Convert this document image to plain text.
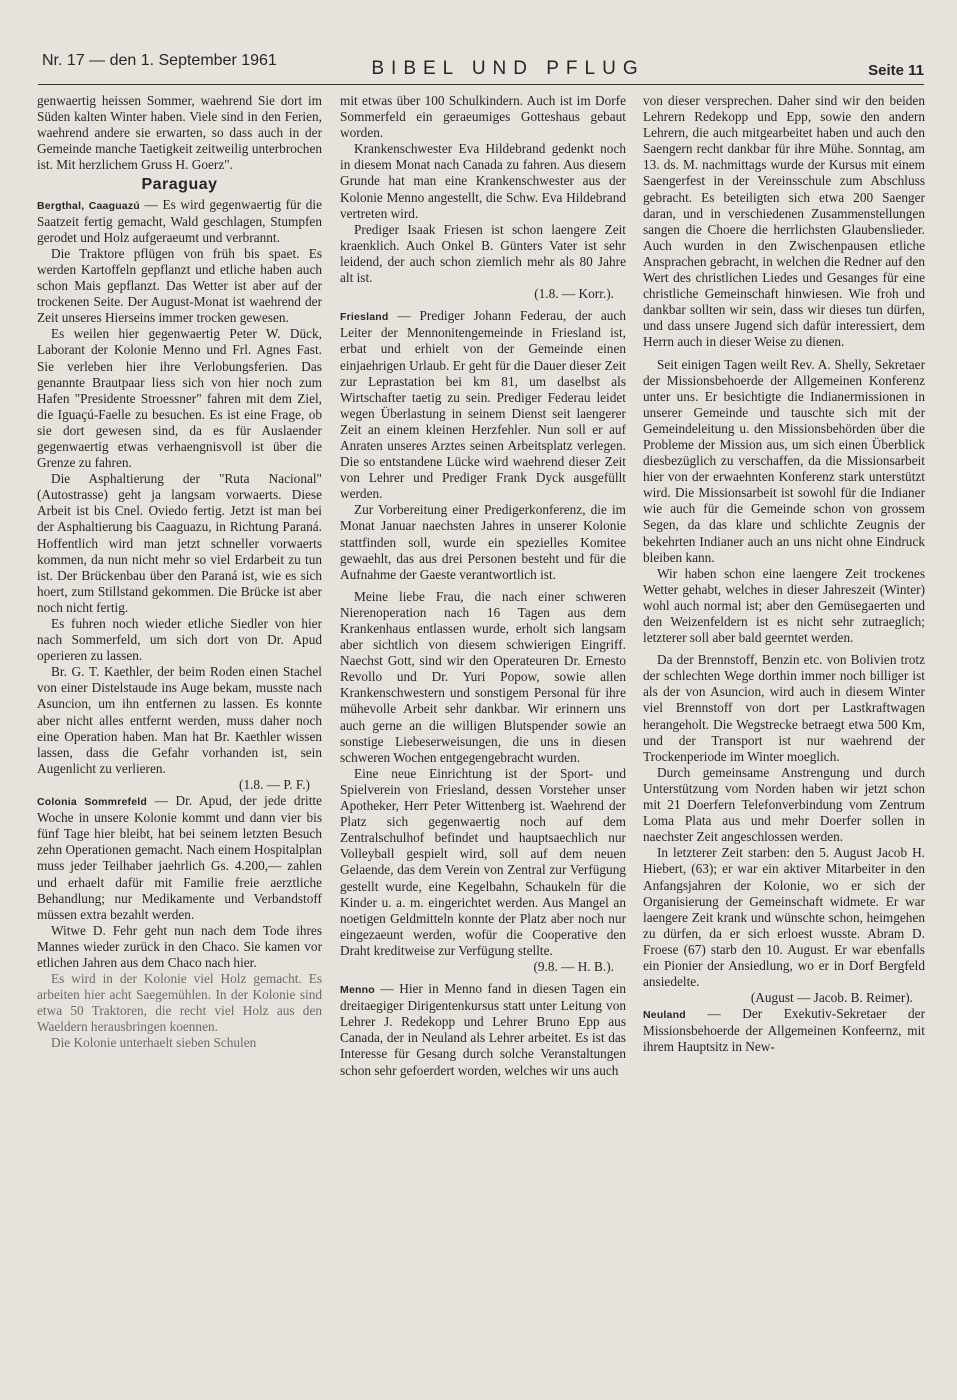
Nr. 17 — den 1. September 1961	BIBEL UND PFLUG	Seite 11

genwaertig heissen Sommer, waehrend Sie dort im Süden kalten Winter haben. Viele sind in den Ferien, waehrend andere sie erwarten, so dass auch in der Gemeinde manche Taetigkeit zeitweilig unterbrochen ist. Mit herzlichem Gruss H. Goerz".

Paraguay

Bergthal, Caaguazú — Es wird gegenwaertig für die Saatzeit fertig gemacht, Wald geschlagen, Stumpfen gerodet und Holz aufgeraeumt und verbrannt.

Die Traktore pflügen von früh bis spaet. Es werden Kartoffeln gepflanzt und etliche haben auch schon Mais gepflanzt. Das Wetter ist aber auf der trockenen Seite. Der August-Monat ist waehrend der Zeit unseres Hierseins immer trocken gewesen.

Es weilen hier gegenwaertig Peter W. Dück, Laborant der Kolonie Menno und Frl. Agnes Fast. Sie verleben hier ihre Verlobungsferien. Das genannte Brautpaar liess sich von hier noch zum Hafen "Presidente Stroessner" fahren mit dem Ziel, die Iguaçú-Faelle zu besuchen. Es ist eine Frage, ob sie dort gewesen sind, da es für Auslaender gegenwaertig etwas verhaengnisvoll ist über die Grenze zu fahren.

Die Asphaltierung der "Ruta Nacional" (Autostrasse) geht ja langsam vorwaerts. Diese Arbeit ist bis Cnel. Oviedo fertig. Jetzt ist man bei der Asphaltierung bis Caaguazu, in Richtung Paraná. Hoffentlich wird man jetzt schneller vorwaerts kommen, da nun nicht mehr so viel Erdarbeit zu tun ist. Der Brückenbau über den Paraná ist, wie es sich hoert, zum Stillstand gekommen. Die Brücke ist aber noch nicht fertig.

Es fuhren noch wieder etliche Siedler von hier nach Sommerfeld, um sich dort von Dr. Apud operieren zu lassen.

Br. G. T. Kaethler, der beim Roden einen Stachel von einer Distelstaude ins Auge bekam, musste nach Asuncion, um ihn entfernen zu lassen. Es konnte aber nicht alles entfernt werden, muss daher noch eine Operation haben. Man hat Br. Kaethler wissen lassen, dass die Gefahr vorhanden ist, sein Augenlicht zu verlieren.

(1.8. — P. F.)

Colonia Sommrefeld — Dr. Apud, der jede dritte Woche in unsere Kolonie kommt und dann vier bis fünf Tage hier bleibt, hat bei seinem letzten Besuch zehn Operationen gemacht. Nach einem Hospitalplan muss jeder Teilhaber jaehrlich Gs. 4.200,— zahlen und erhaelt dafür mit Familie freie aerztliche Behandlung; nur Medikamente und Verbandstoff müssen extra bezahlt werden.

Witwe D. Fehr geht nun nach dem Tode ihres Mannes wieder zurück in den Chaco. Sie kamen vor etlichen Jahren aus dem Chaco nach hier.

Es wird in der Kolonie viel Holz gemacht. Es arbeiten hier acht Saegemühlen. In der Kolonie sind etwa 50 Traktoren, die recht viel Holz aus den Waeldern herausbringen koennen.

Die Kolonie unterhaelt sieben Schulen

mit etwas über 100 Schulkindern. Auch ist im Dorfe Sommerfeld ein geraeumiges Gotteshaus gebaut worden.

Krankenschwester Eva Hildebrand gedenkt noch in diesem Monat nach Canada zu fahren. Aus diesem Grunde hat man eine Krankenschwester aus der Kolonie Menno angestellt, die Schw. Eva Hildebrand vertreten wird.

Prediger Isaak Friesen ist schon laengere Zeit kraenklich. Auch Onkel B. Günters Vater ist sehr leidend, der auch schon ziemlich mehr als 80 Jahre alt ist.

(1.8. — Korr.).

Friesland — Prediger Johann Federau, der auch Leiter der Mennonitengemeinde in Friesland ist, erbat und erhielt von der Gemeinde einen einjaehrigen Urlaub. Er geht für die Dauer dieser Zeit zur Leprastation bei km 81, um daselbst als Wirtschafter taetig zu sein. Prediger Federau leidet wegen Überlastung in seinem Dienst seit laengerer Zeit an einem kleinen Herzfehler. Nun soll er auf Anraten unseres Arztes seinen Arbeitsplatz verlegen. Die so entstandene Lücke wird waehrend dieser Zeit von Lehrer und Prediger Frank Dyck ausgefüllt werden.

Zur Vorbereitung einer Predigerkonferenz, die im Monat Januar naechsten Jahres in unserer Kolonie stattfinden soll, wurde ein spezielles Komitee gewaehlt, das aus drei Personen besteht und für die Aufnahme der Gaeste verantwortlich ist.

Meine liebe Frau, die nach einer schweren Nierenoperation nach 16 Tagen aus dem Krankenhaus entlassen wurde, erholt sich langsam aber sichtlich von diesem schwierigen Eingriff. Naechst Gott, sind wir den Operateuren Dr. Ernesto Revollo und Dr. Yuri Popow, sowie allen Krankenschwestern und sonstigem Personal für ihre mühevolle Arbeit sehr dankbar. Wir erinnern uns auch gerne an die willigen Blutspender sowie an sonstige Liebeserweisungen, die uns in diesen schweren Wochen entgegengebracht wurden.

Eine neue Einrichtung ist der Sport- und Spielverein von Friesland, dessen Vorsteher unser Apotheker, Herr Peter Wittenberg ist. Waehrend der Platz sich gegenwaertig noch auf dem Zentralschulhof befindet und hauptsaechlich nur Volleyball gespielt wird, soll auf dem neuen Gelaende, das dem Verein von Zentral zur Verfügung gestellt wurde, eine Kegelbahn, Schaukeln für die Kinder u. a. m. eingerichtet werden. Aus Mangel an noetigen Geldmitteln konnte der Platz aber noch nur eingezaeunt werden, wofür die Cooperative den Draht kreditweise zur Verfügung stellte.

(9.8. — H. B.).

Menno — Hier in Menno fand in diesen Tagen ein dreitaegiger Dirigentenkursus statt unter Leitung von Lehrer J. Redekopp und Lehrer Bruno Epp aus Canada, der in Neuland als Lehrer arbeitet. Es ist das Interesse für Gesang durch solche Veranstaltungen schon sehr gefoerdert worden, welches wir uns auch

von dieser versprechen. Daher sind wir den beiden Lehrern Redekopp und Epp, sowie den andern Lehrern, die auch mitgearbeitet haben und auch den Saengern recht dankbar für ihre Mühe. Sonntag, am 13. ds. M. nachmittags wurde der Kursus mit einem Saengerfest in der Vereinsschule zum Abschluss gebracht. Es beteiligten sich etwa 200 Saenger daran, und in verschiedenen Zusammenstellungen sangen die Choere die herrlichsten Glaubenslieder. Auch wurden in den Zwischenpausen etliche Ansprachen gebracht, in welchen die Redner auf den Wert des christlichen Liedes und Gesanges für eine christliche Gemeinschaft hinwiesen. Wie froh und dankbar sollten wir sein, dass wir dieses tun dürfen, und dass unsere Jugend sich dafür interessiert, dem Herrn auch in dieser Weise zu dienen.

Seit einigen Tagen weilt Rev. A. Shelly, Sekretaer der Missionsbehoerde der Allgemeinen Konferenz unter uns. Er besichtigte die Indianermissionen in unserer Gemeinde und tauschte sich mit der Gemeindeleitung u. den Missionsbehörden über die Probleme der Mission aus, um sich einen Überblick diesbezüglich zu verschaffen, da die Missionsarbeit hier von der erwaehnten Konferenz stark unterstützt wird. Die Missionsarbeit ist sowohl für die Indianer wie auch für die Gemeinde schon von grossem Segen, da das klare und schlichte Zeugnis der bekehrten Indianer auch an uns nicht ohne Eindruck bleiben kann.

Wir haben schon eine laengere Zeit trockenes Wetter gehabt, welches in dieser Jahreszeit (Winter) wohl auch normal ist; aber den Gemüsegaerten und den Weizenfeldern ist es nicht sehr zutraeglich; letzterer soll aber bald geerntet werden.

Da der Brennstoff, Benzin etc. von Bolivien trotz der schlechten Wege dorthin immer noch billiger ist als der von Asuncion, wird auch in diesem Winter viel Brennstoff von dort per Lastkraftwagen herangeholt. Die Wegstrecke betraegt etwa 500 Km, und der Transport ist nur waehrend der Trockenperiode im Winter moeglich.

Durch gemeinsame Anstrengung und durch Unterstützung vom Norden haben wir jetzt schon mit 21 Doerfern Telefonverbindung vom Zentrum Loma Plata aus und mehr Doerfer sollen in naechster Zeit angeschlossen werden.

In letzterer Zeit starben: den 5. August Jacob H. Hiebert, (63); er war ein aktiver Mitarbeiter in den Anfangsjahren der Kolonie, wo er sich der Organisierung der Gemeinschaft widmete. Er war laengere Zeit krank und wünschte schon, heimgehen zu dürfen, da er sich erloest wusste. Abram D. Froese (67) starb den 10. August. Er war ebenfalls ein Pionier der Ansiedlung, wo er in Dorf Bergfeld ansiedelte.

(August — Jacob. B. Reimer).

Neuland — Der Exekutiv-Sekretaer der Missionsbehoerde der Allgemeinen Konfeernz, mit ihrem Hauptsitz in New-
